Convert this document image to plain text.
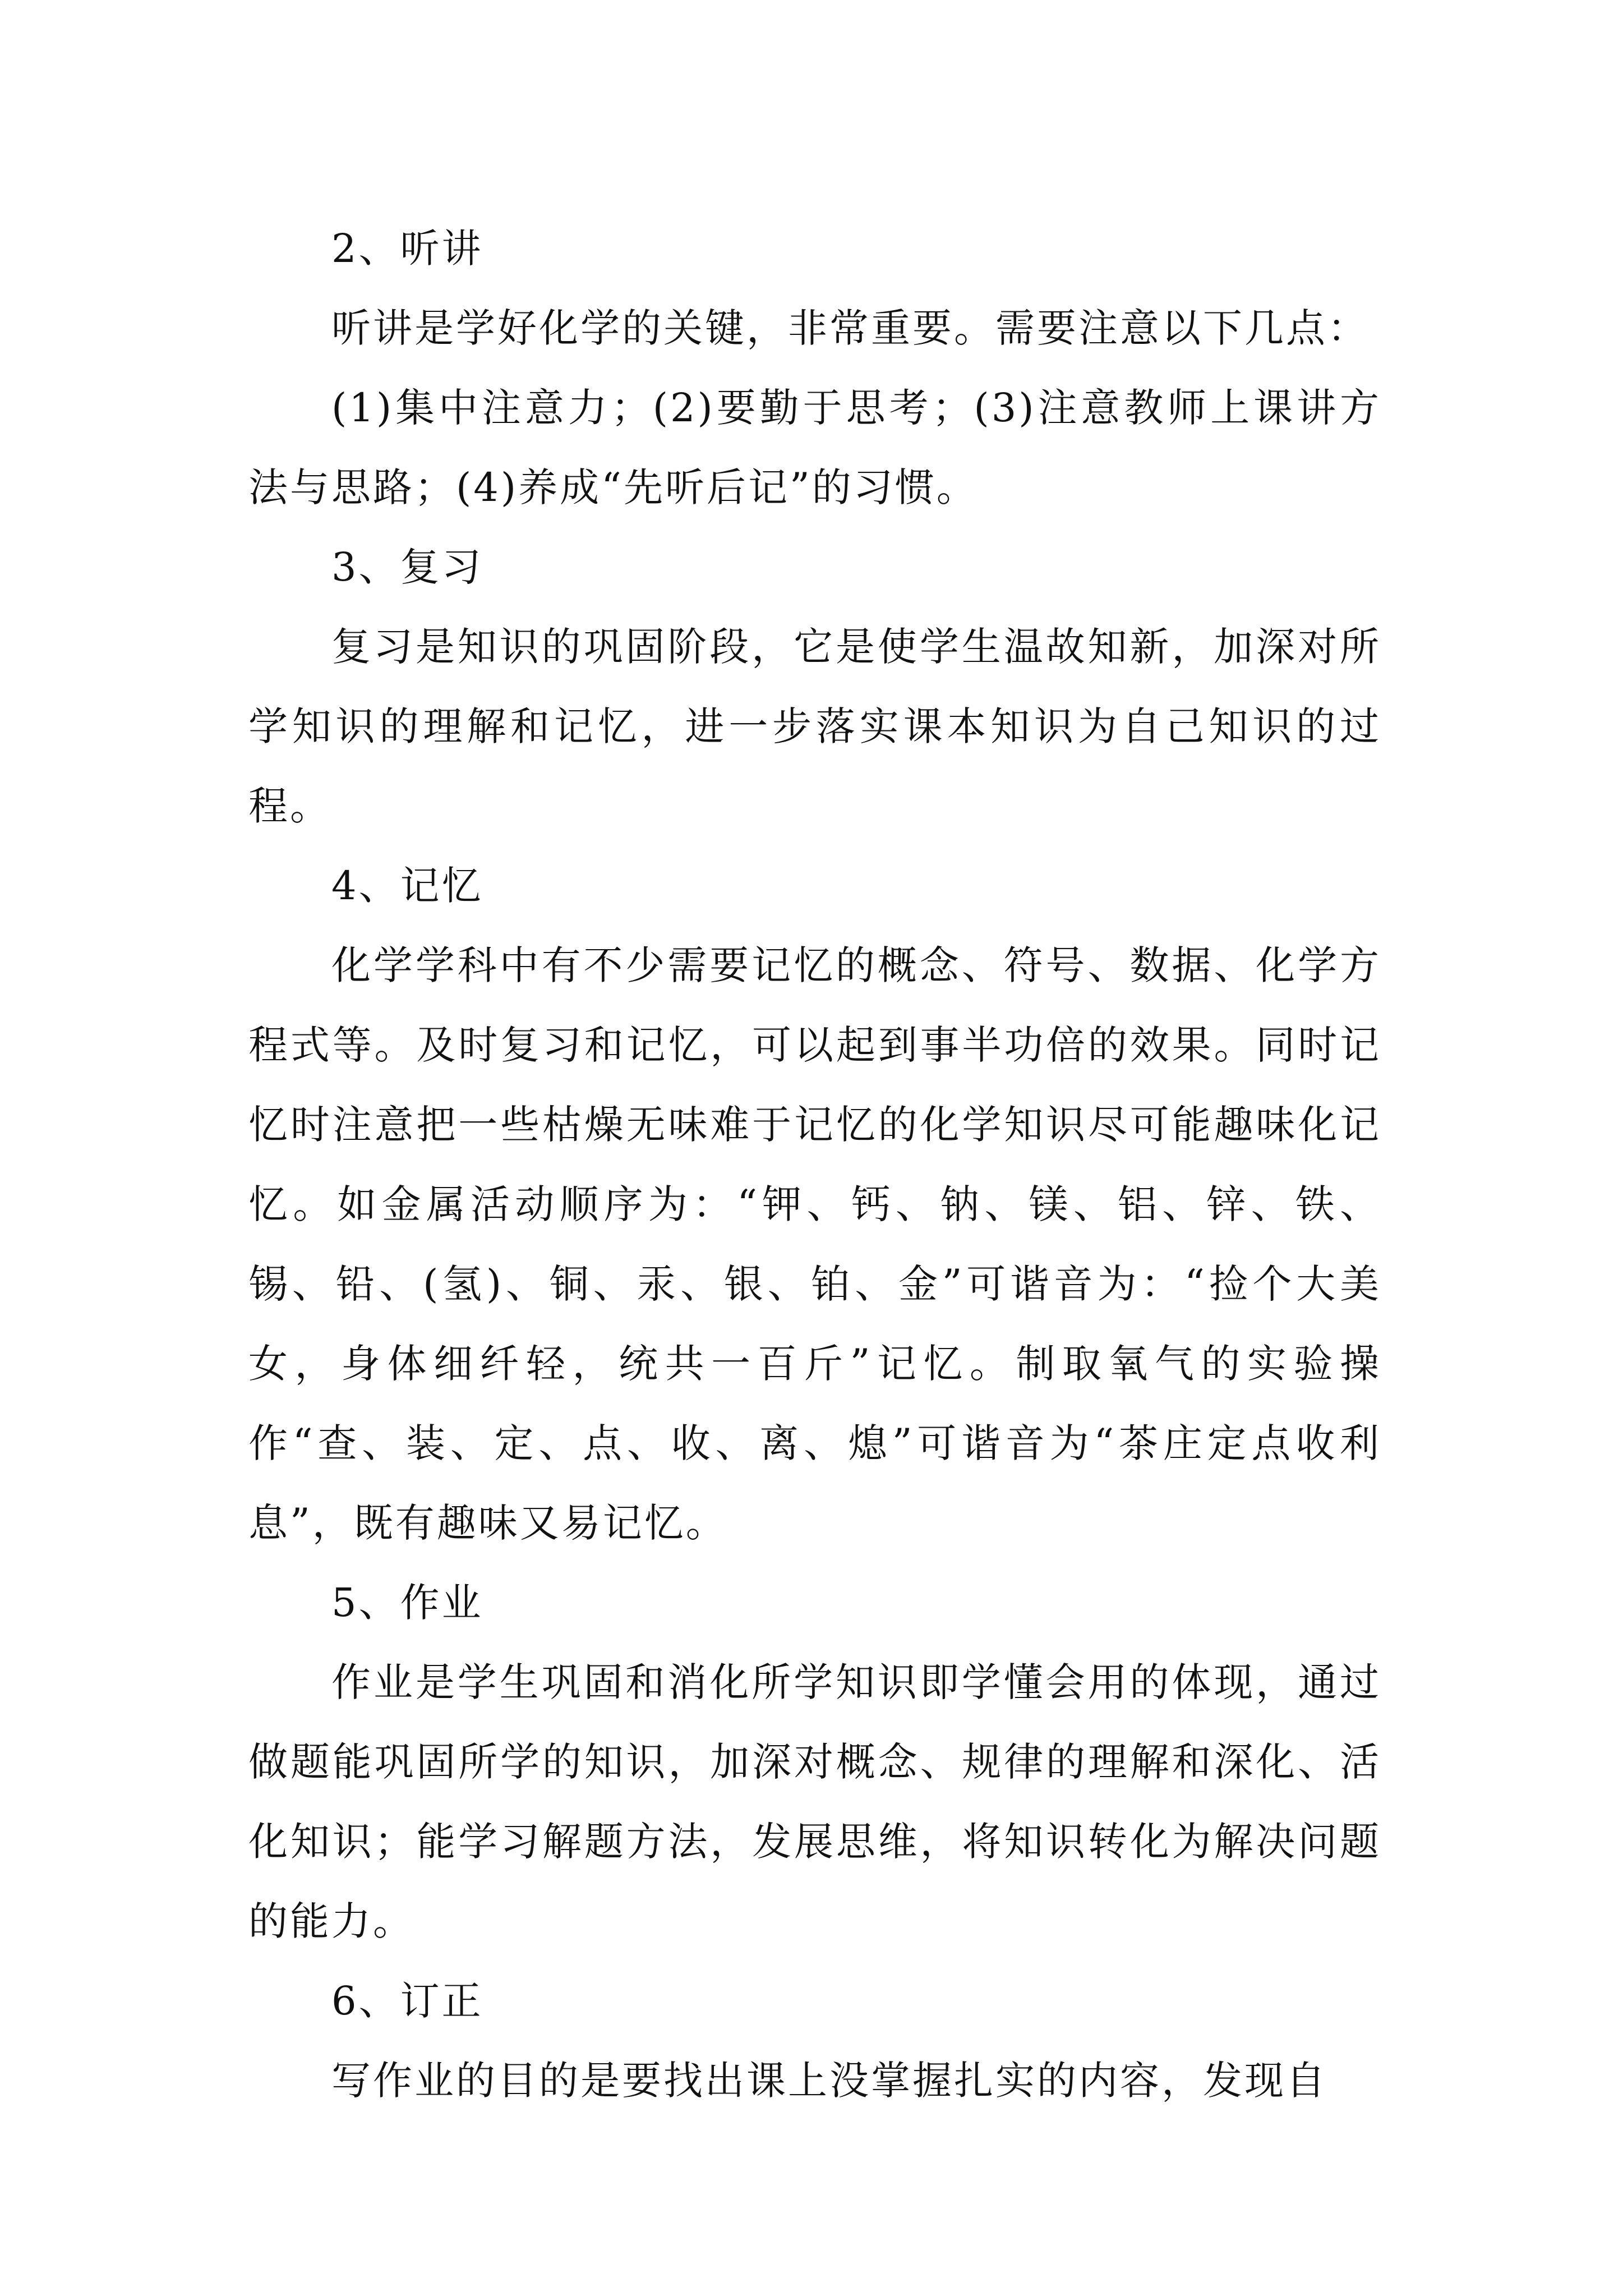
2、听讲

听讲是学好化学的关键，非常重要。需要注意以下几点：

(1)集中注意力；(2)要勤于思考；(3)注意教师上课讲方法与思路；(4)养成“先听后记”的习惯。

3、复习

复习是知识的巩固阶段，它是使学生温故知新，加深对所学知识的理解和记忆，进一步落实课本知识为自己知识的过程。

4、记忆

化学学科中有不少需要记忆的概念、符号、数据、化学方程式等。及时复习和记忆，可以起到事半功倍的效果。同时记忆时注意把一些枯燥无味难于记忆的化学知识尽可能趣味化记忆。如金属活动顺序为：“钾、钙、钠、镁、铝、锌、铁、锡、铅、(氢)、铜、汞、银、铂、金”可谐音为：“捡个大美女，身体细纤轻，统共一百斤”记忆。制取氧气的实验操作“查、装、定、点、收、离、熄”可谐音为“茶庄定点收利息”，既有趣味又易记忆。

5、作业

作业是学生巩固和消化所学知识即学懂会用的体现，通过做题能巩固所学的知识，加深对概念、规律的理解和深化、活化知识；能学习解题方法，发展思维，将知识转化为解决问题的能力。

6、订正

写作业的目的是要找出课上没掌握扎实的内容，发现自
